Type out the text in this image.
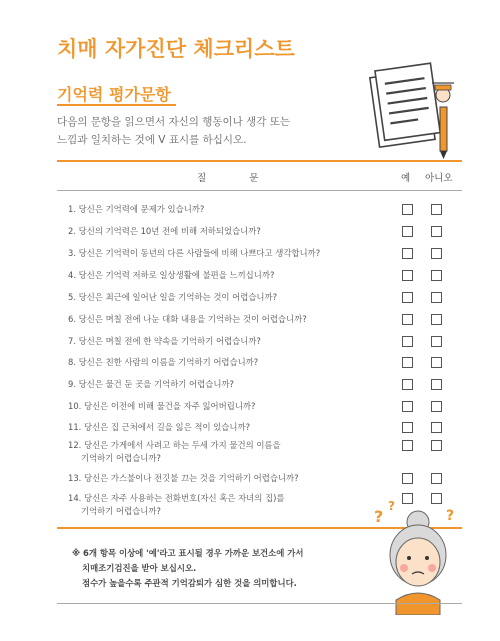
치매 자가진단 체크리스트
기억력 평가문항
다음의 문항을 읽으면서 자신의 행동이나 생각 또는
느낌과 일치하는 것에 V 표시를 하십시오.
질 문	예 아니오
1. 당신은 기억력에 문제가 있습니까?
2. 당신의 기억력은 10년 전에 비해 저하되었습니까?
3. 당신은 기억력이 동년의 다른 사람들에 비해 나쁘다고 생각합니까?
4. 당신은 기억력 저하로 일상생활에 불편을 느끼십니까?
5. 당신은 최근에 일어난 일을 기억하는 것이 어렵습니까?
6. 당신은 며칠 전에 나눈 대화 내용을 기억하는 것이 어렵습니까?
7. 당신은 며칠 전에 한 약속을 기억하기 어렵습니까?
8. 당신은 친한 사람의 이름을 기억하기 어렵습니까?
9. 당신은 물건 둔 곳을 기억하기 어렵습니까?
10. 당신은 이전에 비해 물건을 자주 잃어버립니까?
11. 당신은 집 근처에서 길을 잃은 적이 있습니까?
12. 당신은 가게에서 사려고 하는 두세 가지 물건의 이름을
기억하기 어렵습니까?
13. 당신은 가스불이나 전깃불 끄는 것을 기억하기 어렵습니까?
14. 당신은 자주 사용하는 전화번호(자신 혹은 자녀의 집)를
기억하기 어렵습니까?

※ 6개 항목 이상에 '예'라고 표시될 경우 가까운 보건소에 가서

치매조기검진을 받아 보십시오.

점수가 높을수록 주관적 기억감퇴가 심한 것을 의미합니다.

?
?
?
